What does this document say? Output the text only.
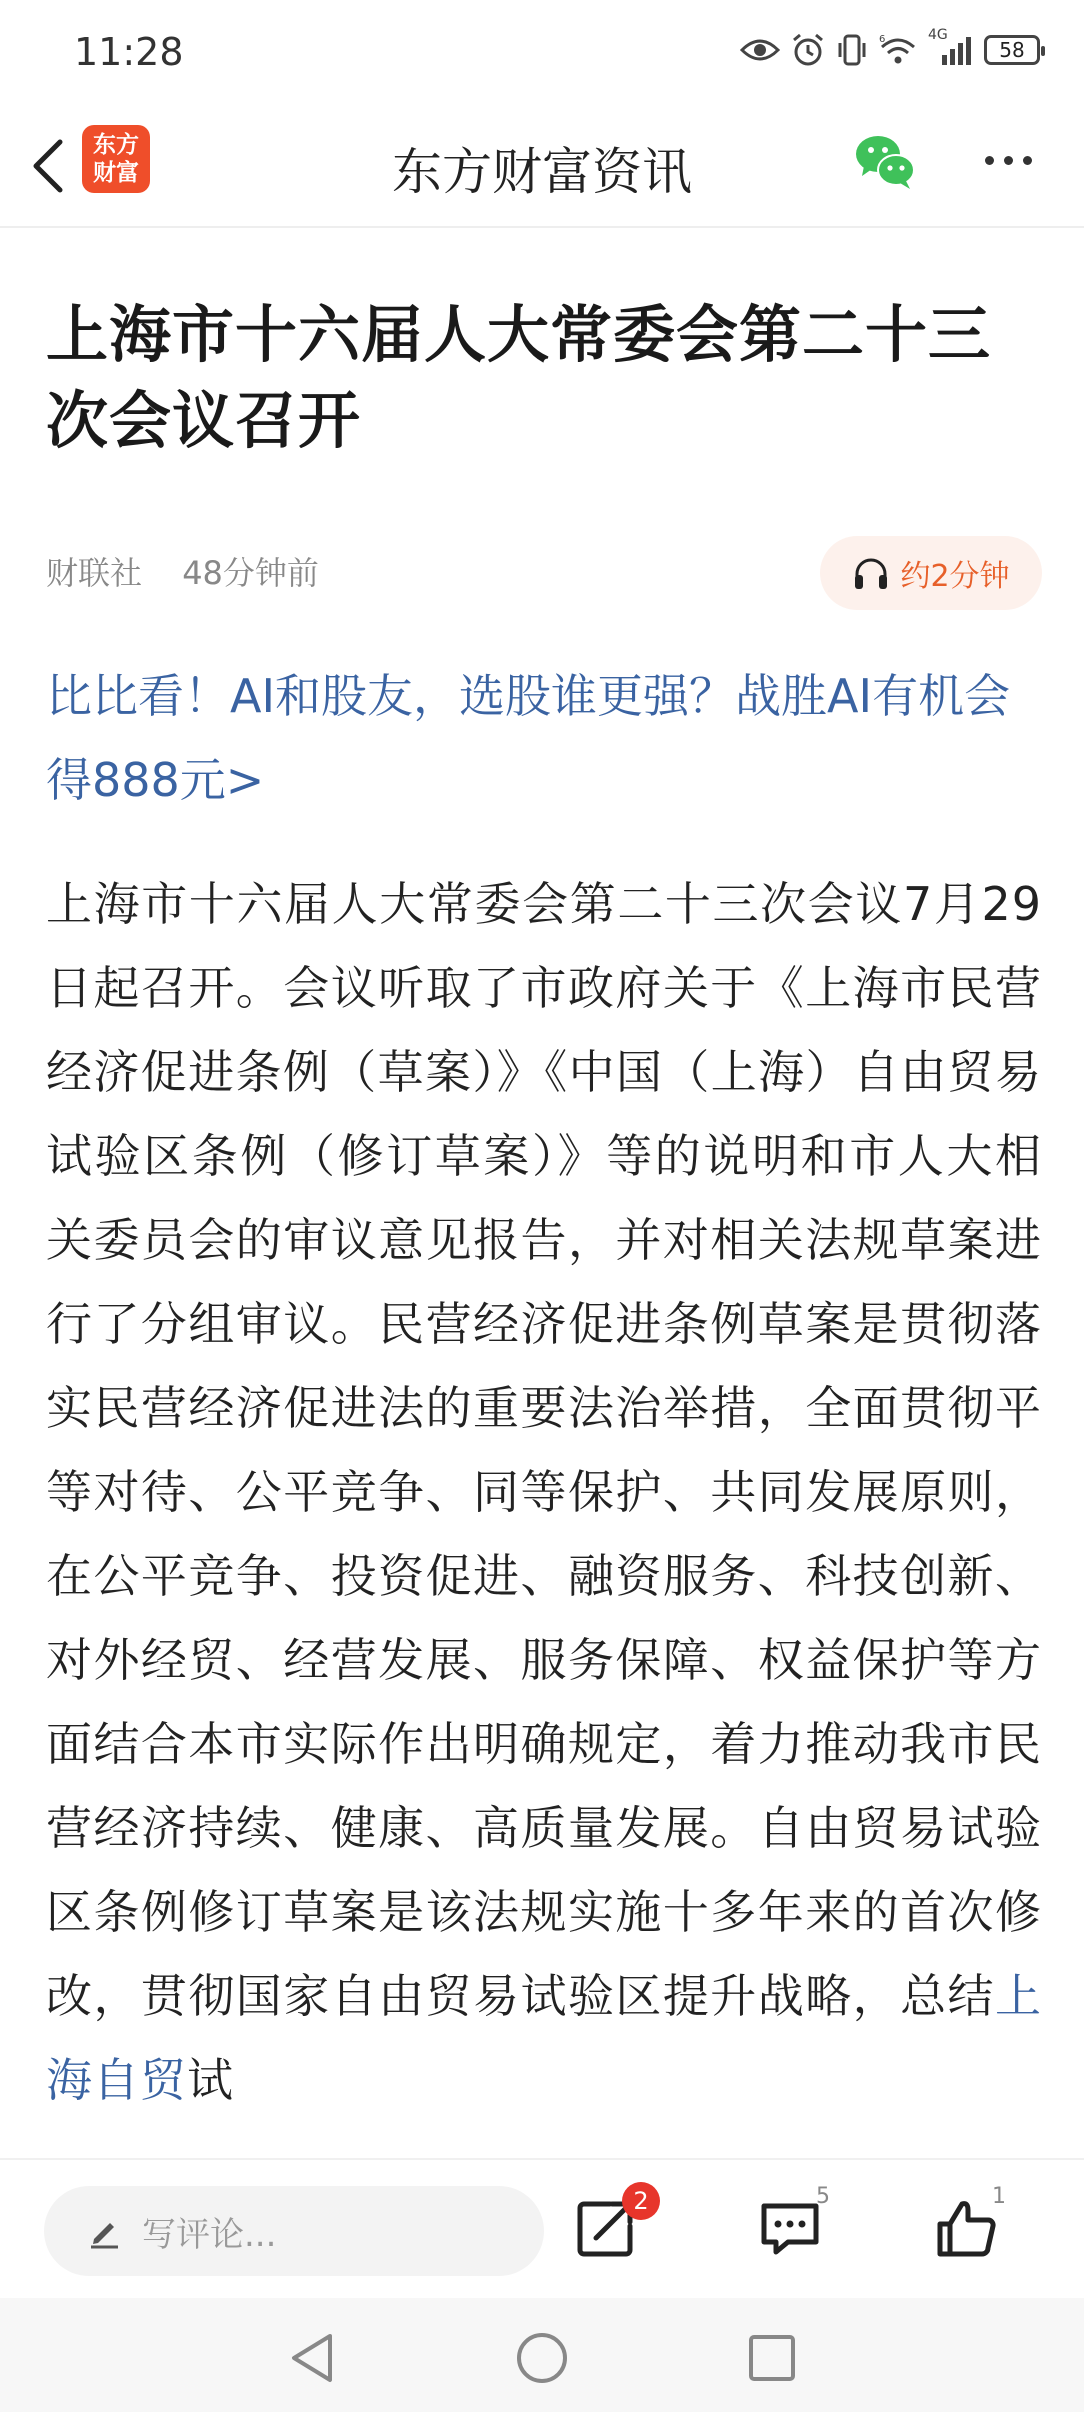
11:28	6	4G
58
东方
财富	东方财富资讯
上海市十六届人大常委会第二十三次会议召开
财联社 48分钟前	约2分钟
比比看！AI和股友，选股谁更强？战胜AI有机会得888元>
上海市十六届人大常委会第二十三次会议7月29日起召开。会议听取了市政府关于《上海市民营经济促进条例（草案）》《中国（上海）自由贸易试验区条例（修订草案）》等的说明和市人大相关委员会的审议意见报告，并对相关法规草案进行了分组审议。民营经济促进条例草案是贯彻落实民营经济促进法的重要法治举措，全面贯彻平等对待、公平竞争、同等保护、共同发展原则，在公平竞争、投资促进、融资服务、科技创新、对外经贸、经营发展、服务保障、权益保护等方面结合本市实际作出明确规定，着力推动我市民营经济持续、健康、高质量发展。自由贸易试验区条例修订草案是该法规实施十多年来的首次修改，贯彻国家自由贸易试验区提升战略，总结上海自贸试
写评论...
2	5	1
